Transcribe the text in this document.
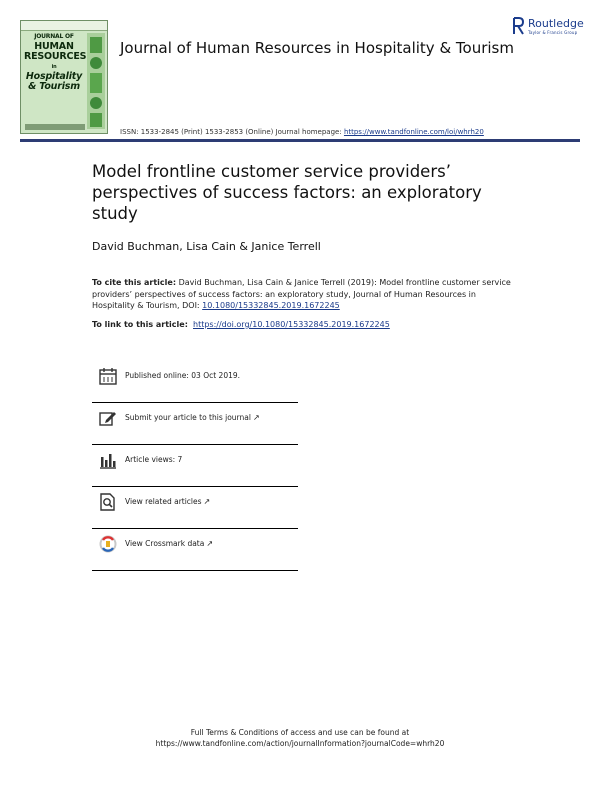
JOURNAL OF
HUMAN
RESOURCES
in
Hospitality
& Tourism
Journal of Human Resources in Hospitality & Tourism
Routledge
Taylor & Francis Group
ISSN: 1533-2845 (Print) 1533-2853 (Online) Journal homepage: https://www.tandfonline.com/loi/whrh20
Model frontline customer service providers’ perspectives of success factors: an exploratory study
David Buchman, Lisa Cain & Janice Terrell
To cite this article: David Buchman, Lisa Cain & Janice Terrell (2019): Model frontline customer service providers’ perspectives of success factors: an exploratory study, Journal of Human Resources in Hospitality & Tourism, DOI: 10.1080/15332845.2019.1672245
To link to this article: https://doi.org/10.1080/15332845.2019.1672245
Published online: 03 Oct 2019.
Submit your article to this journal ↗
Article views: 7
View related articles ↗
View Crossmark data ↗
Full Terms & Conditions of access and use can be found at
https://www.tandfonline.com/action/journalInformation?journalCode=whrh20
